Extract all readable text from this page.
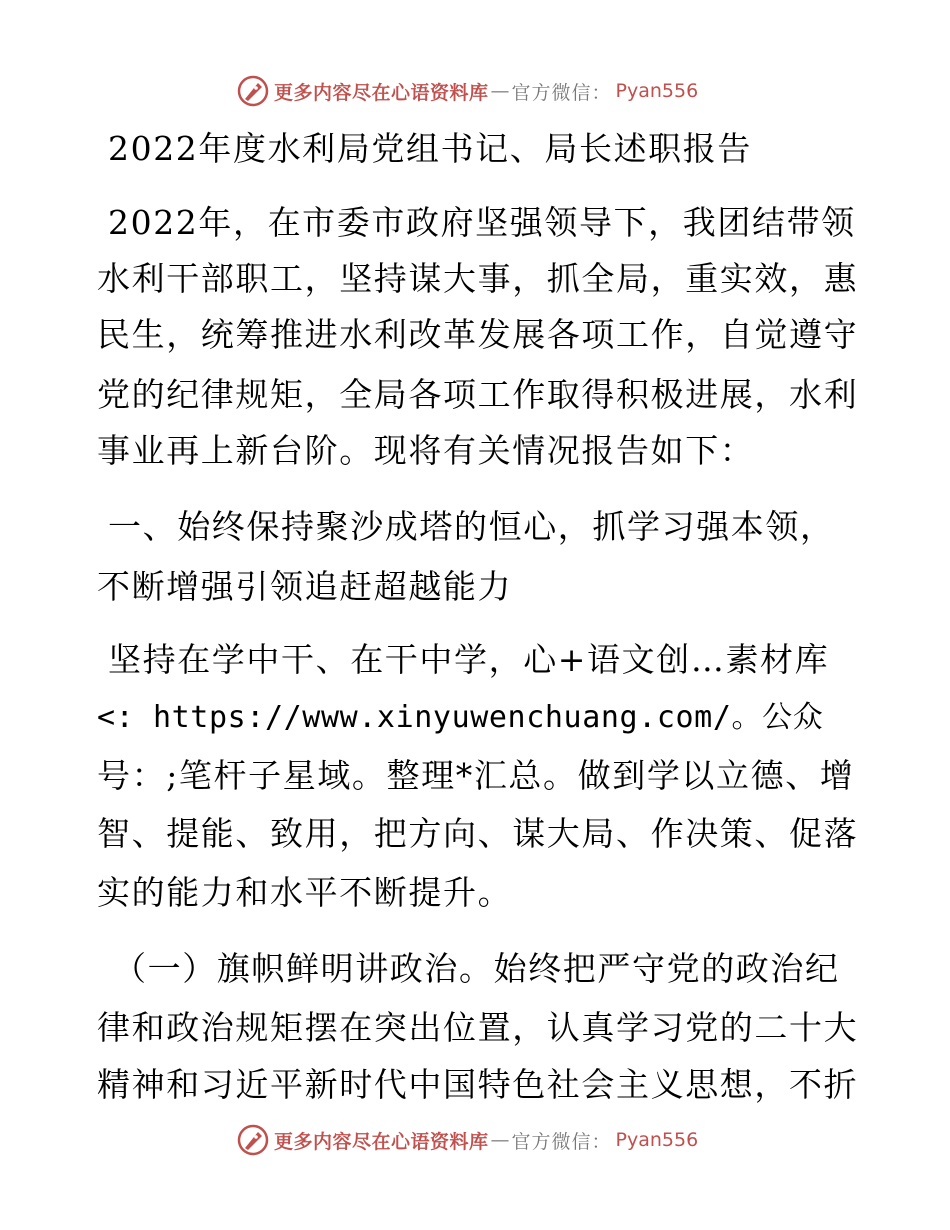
更多内容尽在心语资料库 — 官方微信： Pyan556
2022年度水利局党组书记、局长述职报告
2022年，在市委市政府坚强领导下，我团结带领
水利干部职工，坚持谋大事，抓全局，重实效，惠
民生，统筹推进水利改革发展各项工作，自觉遵守
党的纪律规矩，全局各项工作取得积极进展，水利
事业再上新台阶。现将有关情况报告如下：
一、始终保持聚沙成塔的恒心，抓学习强本领，
不断增强引领追赶超越能力
坚持在学中干、在干中学，心+语文创…素材库
<: https://www.xinyuwenchuang.com/。公众
号：;笔杆子星域。整理*汇总。做到学以立德、增
智、提能、致用，把方向、谋大局、作决策、促落
实的能力和水平不断提升。
（一）旗帜鲜明讲政治。始终把严守党的政治纪
律和政治规矩摆在突出位置，认真学习党的二十大
精神和习近平新时代中国特色社会主义思想，不折
更多内容尽在心语资料库 — 官方微信： Pyan556
